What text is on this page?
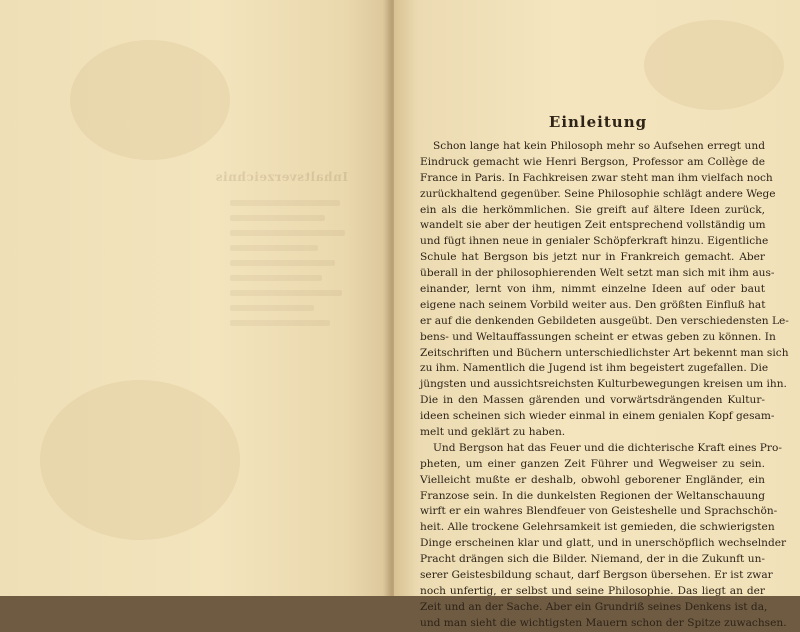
Inhaltsverzeichnis
Einleitung
Schon lange hat kein Philosoph mehr so Aufsehen erregt und
Eindruck gemacht wie Henri Bergson, Professor am Collège de
France in Paris. In Fachkreisen zwar steht man ihm vielfach noch
zurückhaltend gegenüber. Seine Philosophie schlägt andere Wege
ein als die herkömmlichen. Sie greift auf ältere Ideen zurück,
wandelt sie aber der heutigen Zeit entsprechend vollständig um
und fügt ihnen neue in genialer Schöpferkraft hinzu. Eigentliche
Schule hat Bergson bis jetzt nur in Frankreich gemacht. Aber
überall in der philosophierenden Welt setzt man sich mit ihm aus-
einander, lernt von ihm, nimmt einzelne Ideen auf oder baut
eigene nach seinem Vorbild weiter aus. Den größten Einfluß hat
er auf die denkenden Gebildeten ausgeübt. Den verschiedensten Le-
bens- und Weltauffassungen scheint er etwas geben zu können. In
Zeitschriften und Büchern unterschiedlichster Art bekennt man sich
zu ihm. Namentlich die Jugend ist ihm begeistert zugefallen. Die
jüngsten und aussichtsreichsten Kulturbewegungen kreisen um ihn.
Die in den Massen gärenden und vorwärtsdrängenden Kultur-
ideen scheinen sich wieder einmal in einem genialen Kopf gesam-
melt und geklärt zu haben.
Und Bergson hat das Feuer und die dichterische Kraft eines Pro-
pheten, um einer ganzen Zeit Führer und Wegweiser zu sein.
Vielleicht mußte er deshalb, obwohl geborener Engländer, ein
Franzose sein. In die dunkelsten Regionen der Weltanschauung
wirft er ein wahres Blendfeuer von Geisteshelle und Sprachschön-
heit. Alle trockene Gelehrsamkeit ist gemieden, die schwierigsten
Dinge erscheinen klar und glatt, und in unerschöpflich wechselnder
Pracht drängen sich die Bilder. Niemand, der in die Zukunft un-
serer Geistesbildung schaut, darf Bergson übersehen. Er ist zwar
noch unfertig, er selbst und seine Philosophie. Das liegt an der
Zeit und an der Sache. Aber ein Grundriß seines Denkens ist da,
und man sieht die wichtigsten Mauern schon der Spitze zuwachsen.
